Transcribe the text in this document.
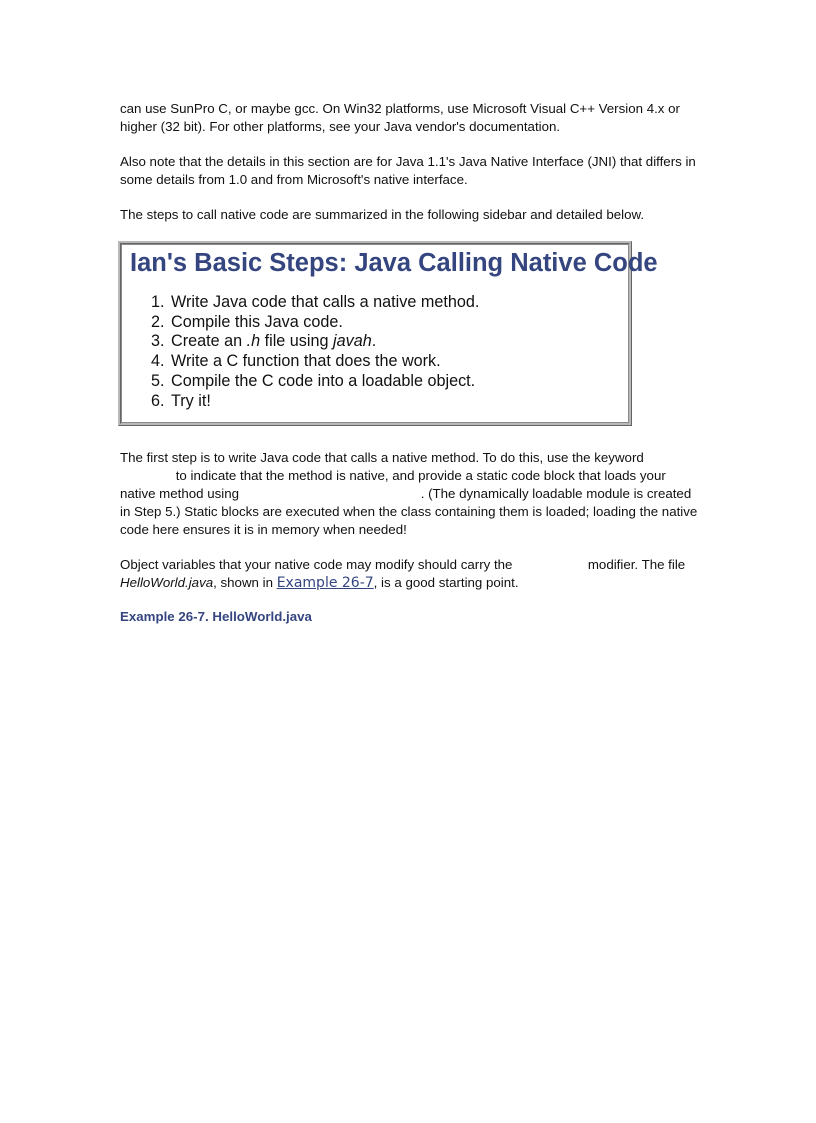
can use SunPro C, or maybe gcc. On Win32 platforms, use Microsoft Visual C++ Version 4.x or higher (32 bit). For other platforms, see your Java vendor's documentation.

Also note that the details in this section are for Java 1.1's Java Native Interface (JNI) that differs in some details from 1.0 and from Microsoft's native interface.

The steps to call native code are summarized in the following sidebar and detailed below.

Ian's Basic Steps: Java Calling Native Code
1. Write Java code that calls a native method.
2. Compile this Java code.
3. Create an .h file using javah.
4. Write a C function that does the work.
5. Compile the C code into a loadable object.
6. Try it!

The first step is to write Java code that calls a native method. To do this, use the keyword
to indicate that the method is native, and provide a static code block that loads your native method using	. (The dynamically loadable module is created in Step 5.) Static blocks are executed when the class containing them is loaded; loading the native code here ensures it is in memory when needed!

Object variables that your native code may modify should carry the	modifier. The file
HelloWorld.java, shown in Example 26-7, is a good starting point.

Example 26-7. HelloWorld.java
